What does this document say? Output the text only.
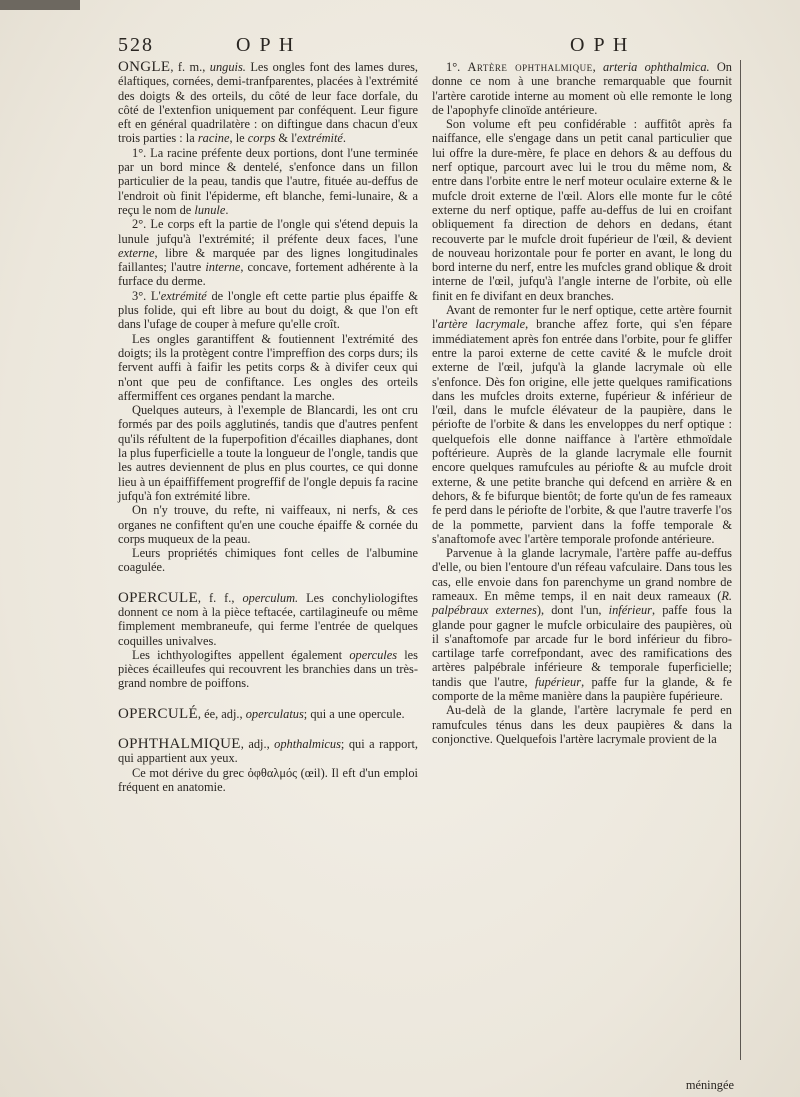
528	O P H	O P H

ONGLE, f. m., unguis. Les ongles font des lames dures, élaftiques, cornées, demi-tranfparentes, placées à l'extrémité des doigts & des orteils, du côté de leur face dorfale, du côté de l'extenfion uniquement par conféquent. Leur figure eft en général quadrilatère : on diftingue dans chacun d'eux trois parties : la racine, le corps & l'extrémité.

1°. La racine préfente deux portions, dont l'une terminée par un bord mince & dentelé, s'enfonce dans un fillon particulier de la peau, tandis que l'autre, fituée au-deffus de l'endroit où finit l'épiderme, eft blanche, femi-lunaire, & a reçu le nom de lunule.

2°. Le corps eft la partie de l'ongle qui s'étend depuis la lunule jufqu'à l'extrémité; il préfente deux faces, l'une externe, libre & marquée par des lignes longitudinales faillantes; l'autre interne, concave, fortement adhérente à la furface du derme.

3°. L'extrémité de l'ongle eft cette partie plus épaiffe & plus folide, qui eft libre au bout du doigt, & que l'on eft dans l'ufage de couper à mefure qu'elle croît.

Les ongles garantiffent & foutiennent l'extrémité des doigts; ils la protègent contre l'impreffion des corps durs; ils fervent auffi à faifir les petits corps & à divifer ceux qui n'ont que peu de confiftance. Les ongles des orteils affermiffent ces organes pendant la marche.

Quelques auteurs, à l'exemple de Blancardi, les ont cru formés par des poils agglutinés, tandis que d'autres penfent qu'ils réfultent de la fuperpofition d'écailles diaphanes, dont la plus fuperficielle a toute la longueur de l'ongle, tandis que les autres deviennent de plus en plus courtes, ce qui donne lieu à un épaiffiffement progreffif de l'ongle depuis fa racine jufqu'à fon extrémité libre.

On n'y trouve, du refte, ni vaiffeaux, ni nerfs, & ces organes ne confiftent qu'en une couche épaiffe & cornée du corps muqueux de la peau.

Leurs propriétés chimiques font celles de l'albumine coagulée.

OPERCULE, f. f., operculum. Les conchyliologiftes donnent ce nom à la pièce teftacée, cartilagineufe ou même fimplement membraneufe, qui ferme l'entrée de quelques coquilles univalves.

Les ichthyologiftes appellent également opercules les pièces écailleufes qui recouvrent les branchies dans un très-grand nombre de poiffons.

OPERCULÉ, ée, adj., operculatus; qui a une opercule.

OPHTHALMIQUE, adj., ophthalmicus; qui a rapport, qui appartient aux yeux.

Ce mot dérive du grec ὀφθαλμός (œil). Il eft d'un emploi fréquent en anatomie.

1°. Artère ophthalmique, arteria ophthalmica. On donne ce nom à une branche remarquable que fournit l'artère carotide interne au moment où elle remonte le long de l'apophyfe clinoïde antérieure.

Son volume eft peu confidérable : auffitôt après fa naiffance, elle s'engage dans un petit canal particulier que lui offre la dure-mère, fe place en dehors & au deffous du nerf optique, parcourt avec lui le trou du même nom, & entre dans l'orbite entre le nerf moteur oculaire externe & le mufcle droit externe de l'œil. Alors elle monte fur le côté externe du nerf optique, paffe au-deffus de lui en croifant obliquement fa direction de dehors en dedans, étant recouverte par le mufcle droit fupérieur de l'œil, & devient de nouveau horizontale pour fe porter en avant, le long du bord interne du nerf, entre les mufcles grand oblique & droit interne de l'œil, jufqu'à l'angle interne de l'orbite, où elle finit en fe divifant en deux branches.

Avant de remonter fur le nerf optique, cette artère fournit l'artère lacrymale, branche affez forte, qui s'en fépare immédiatement après fon entrée dans l'orbite, pour fe gliffer entre la paroi externe de cette cavité & le mufcle droit externe de l'œil, jufqu'à la glande lacrymale où elle s'enfonce. Dès fon origine, elle jette quelques ramifications dans les mufcles droits externe, fupérieur & inférieur de l'œil, dans le mufcle élévateur de la paupière, dans le périofte de l'orbite & dans les enveloppes du nerf optique : quelquefois elle donne naiffance à l'artère ethmoïdale poftérieure. Auprès de la glande lacrymale elle fournit encore quelques ramufcules au périofte & au mufcle droit externe, & une petite branche qui defcend en arrière & en dehors, & fe bifurque bientôt; de forte qu'un de fes rameaux fe perd dans le périofte de l'orbite, & que l'autre traverfe l'os de la pommette, parvient dans la foffe temporale & s'anaftomofe avec l'artère temporale profonde antérieure.

Parvenue à la glande lacrymale, l'artère paffe au-deffus d'elle, ou bien l'entoure d'un réfeau vafculaire. Dans tous les cas, elle envoie dans fon parenchyme un grand nombre de rameaux. En même temps, il en nait deux rameaux (R. palpébraux externes), dont l'un, inférieur, paffe fous la glande pour gagner le mufcle orbiculaire des paupières, où il s'anaftomofe par arcade fur le bord inférieur du fibro-cartilage tarfe correfpondant, avec des ramifications des artères palpébrale inférieure & temporale fuperficielle; tandis que l'autre, fupérieur, paffe fur la glande, & fe comporte de la même manière dans la paupière fupérieure.

Au-delà de la glande, l'artère lacrymale fe perd en ramufcules ténus dans les deux paupières & dans la conjonctive. Quelquefois l'artère lacrymale provient de la

méningée
